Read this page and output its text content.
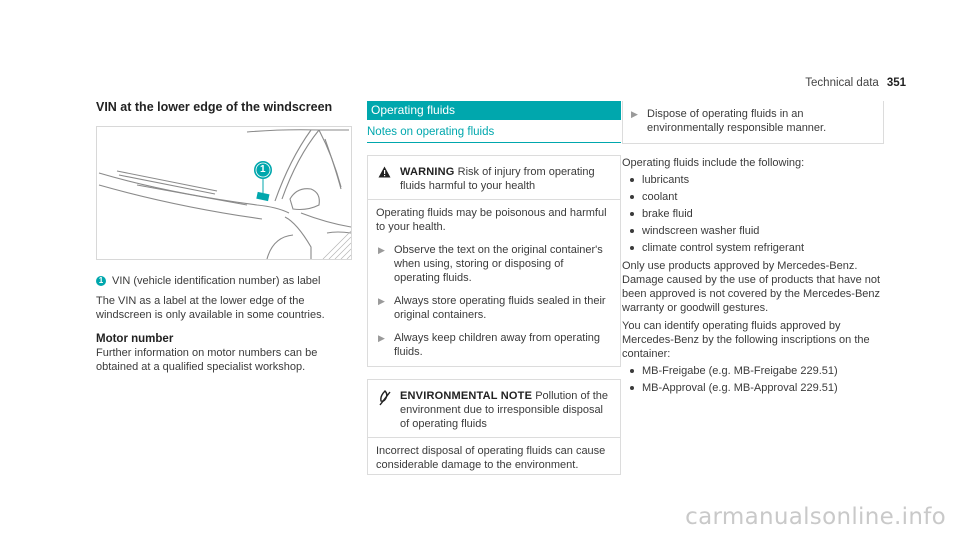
Technical data 351
VIN at the lower edge of the windscreen
1
1 VIN (vehicle identification number) as label

The VIN as a label at the lower edge of the windscreen is only available in some countries.

Motor number

Further information on motor numbers can be obtained at a qualified specialist workshop.

Operating fluids
Notes on operating fluids
WARNING Risk of injury from operating fluids harmful to your health

Operating fluids may be poisonous and harmful to your health.

▶ Observe the text on the original container's when using, storing or disposing of operating fluids.
▶ Always store operating fluids sealed in their original containers.
▶ Always keep children away from operating fluids.
ENVIRONMENTAL NOTE Pollution of the environment due to irresponsible disposal of operating fluids

Incorrect disposal of operating fluids can cause considerable damage to the environment.

▶ Dispose of operating fluids in an environmentally responsible manner.

Operating fluids include the following:

lubricants
coolant
brake fluid
windscreen washer fluid
climate control system refrigerant

Only use products approved by Mercedes-Benz. Damage caused by the use of products that have not been approved is not covered by the Mercedes-Benz warranty or goodwill gestures.

You can identify operating fluids approved by Mercedes-Benz by the following inscriptions on the container:

MB-Freigabe (e.g. MB-Freigabe 229.51)
MB-Approval (e.g. MB-Approval 229.51)
carmanualsonline.info
